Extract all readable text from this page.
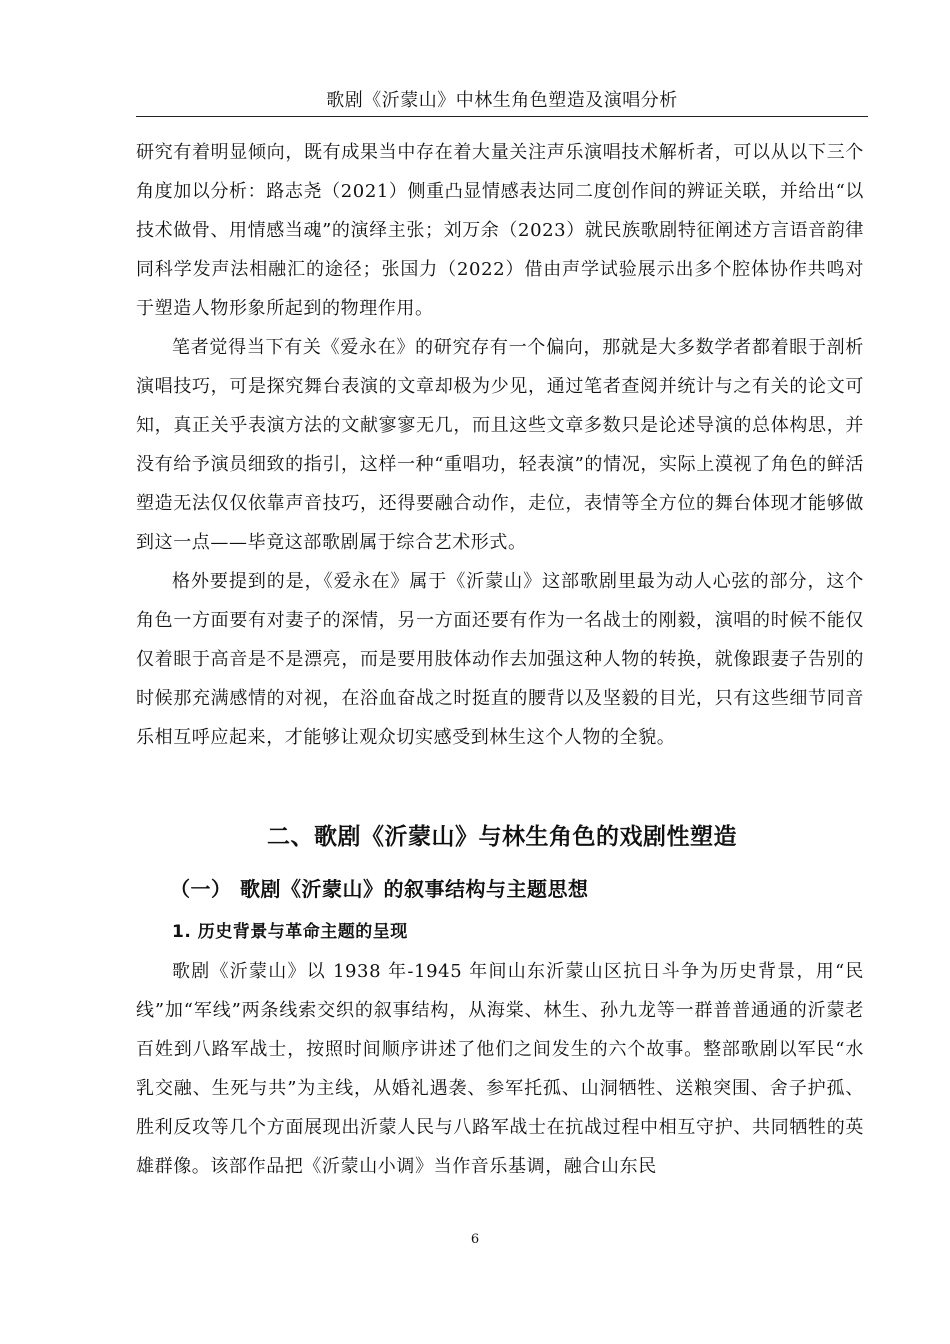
歌剧《沂蒙山》中林生角色塑造及演唱分析

研究有着明显倾向，既有成果当中存在着大量关注声乐演唱技术解析者，可以从以下三个角度加以分析：路志尧（2021）侧重凸显情感表达同二度创作间的辨证关联，并给出“以技术做骨、用情感当魂”的演绎主张；刘万余（2023）就民族歌剧特征阐述方言语音韵律同科学发声法相融汇的途径；张国力（2022）借由声学试验展示出多个腔体协作共鸣对于塑造人物形象所起到的物理作用。

笔者觉得当下有关《爱永在》的研究存有一个偏向，那就是大多数学者都着眼于剖析演唱技巧，可是探究舞台表演的文章却极为少见，通过笔者查阅并统计与之有关的论文可知，真正关乎表演方法的文献寥寥无几，而且这些文章多数只是论述导演的总体构思，并没有给予演员细致的指引，这样一种“重唱功，轻表演”的情况，实际上漠视了角色的鲜活塑造无法仅仅依靠声音技巧，还得要融合动作，走位，表情等全方位的舞台体现才能够做到这一点——毕竟这部歌剧属于综合艺术形式。

格外要提到的是，《爱永在》属于《沂蒙山》这部歌剧里最为动人心弦的部分，这个角色一方面要有对妻子的深情，另一方面还要有作为一名战士的刚毅，演唱的时候不能仅仅着眼于高音是不是漂亮，而是要用肢体动作去加强这种人物的转换，就像跟妻子告别的时候那充满感情的对视，在浴血奋战之时挺直的腰背以及坚毅的目光，只有这些细节同音乐相互呼应起来，才能够让观众切实感受到林生这个人物的全貌。

二、歌剧《沂蒙山》与林生角色的戏剧性塑造
（一） 歌剧《沂蒙山》的叙事结构与主题思想
1. 历史背景与革命主题的呈现

歌剧《沂蒙山》以 1938 年-1945 年间山东沂蒙山区抗日斗争为历史背景，用“民线”加“军线”两条线索交织的叙事结构，从海棠、林生、孙九龙等一群普普通通的沂蒙老百姓到八路军战士，按照时间顺序讲述了他们之间发生的六个故事。整部歌剧以军民“水乳交融、生死与共”为主线，从婚礼遇袭、参军托孤、山洞牺牲、送粮突围、舍子护孤、胜利反攻等几个方面展现出沂蒙人民与八路军战士在抗战过程中相互守护、共同牺牲的英雄群像。该部作品把《沂蒙山小调》当作音乐基调，融合山东民

6
